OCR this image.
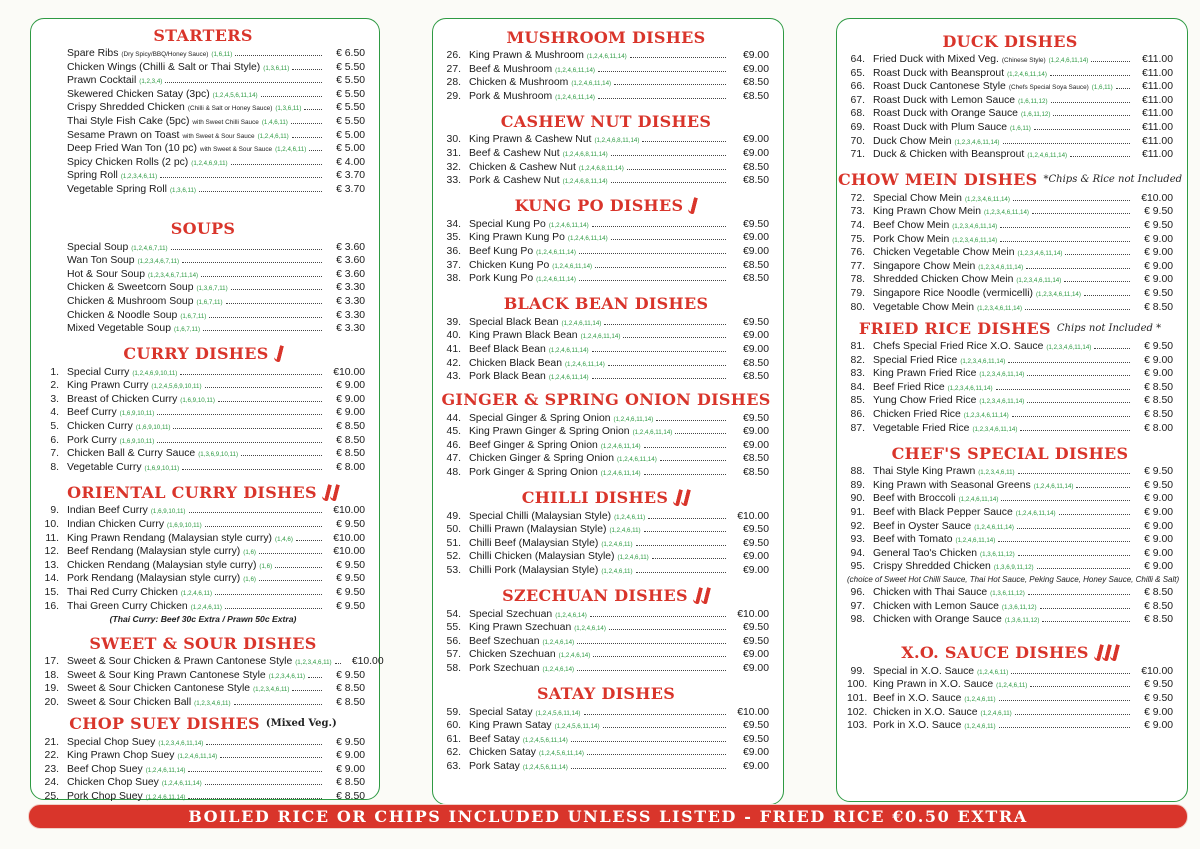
STARTERS
Spare Ribs (Dry Spicy/BBQ/Honey Sauce) (1,6,11)	€ 6.50
Chicken Wings (Chilli & Salt or Thai Style) (1,3,6,11)	€ 5.50
Prawn Cocktail (1,2,3,4)	€ 5.50
Skewered Chicken Satay (3pc) (1,2,4,5,6,11,14)	€ 5.50
Crispy Shredded Chicken (Chilli & Salt or Honey Sauce) (1,3,6,11)	€ 5.50
Thai Style Fish Cake (5pc) with Sweet Chilli Sauce (1,4,6,11)	€ 5.50
Sesame Prawn on Toast with Sweet & Sour Sauce (1,2,4,6,11)	€ 5.00
Deep Fried Wan Ton (10 pc) with Sweet & Sour Sauce (1,2,4,6,11)	€ 5.00
Spicy Chicken Rolls (2 pc) (1,2,4,6,9,11)	€ 4.00
Spring Roll (1,2,3,4,6,11)	€ 3.70
Vegetable Spring Roll (1,3,6,11)	€ 3.70
SOUPS
Special Soup (1,2,4,6,7,11)	€ 3.60
Wan Ton Soup (1,2,3,4,6,7,11)	€ 3.60
Hot & Sour Soup (1,2,3,4,6,7,11,14)	€ 3.60
Chicken & Sweetcorn Soup (1,3,6,7,11)	€ 3.30
Chicken & Mushroom Soup (1,6,7,11)	€ 3.30
Chicken & Noodle Soup (1,6,7,11)	€ 3.30
Mixed Vegetable Soup (1,6,7,11)	€ 3.30
CURRY DISHES
1. Special Curry (1,2,4,6,9,10,11)	€10.00
2. King Prawn Curry (1,2,4,5,6,9,10,11)	€ 9.00
3. Breast of Chicken Curry (1,6,9,10,11)	€ 9.00
4. Beef Curry (1,6,9,10,11)	€ 9.00
5. Chicken Curry (1,6,9,10,11)	€ 8.50
6. Pork Curry (1,6,9,10,11)	€ 8.50
7. Chicken Ball & Curry Sauce (1,3,6,9,10,11)	€ 8.50
8. Vegetable Curry (1,6,9,10,11)	€ 8.00
ORIENTAL CURRY DISHES
9. Indian Beef Curry (1,6,9,10,11)	€10.00
10. Indian Chicken Curry (1,6,9,10,11)	€ 9.50
11. King Prawn Rendang (Malaysian style curry) (1,4,6)	€10.00
12. Beef Rendang (Malaysian style curry) (1,6)	€10.00
13. Chicken Rendang (Malaysian style curry) (1,6)	€ 9.50
14. Pork Rendang (Malaysian style curry) (1,6)	€ 9.50
15. Thai Red Curry Chicken (1,2,4,6,11)	€ 9.50
16. Thai Green Curry Chicken (1,2,4,6,11)	€ 9.50
(Thai Curry: Beef 30c Extra / Prawn 50c Extra)
SWEET & SOUR DISHES
17. Sweet & Sour Chicken & Prawn Cantonese Style (1,2,3,4,6,11)	€10.00
18. Sweet & Sour King Prawn Cantonese Style (1,2,3,4,6,11)	€ 9.50
19. Sweet & Sour Chicken Cantonese Style (1,2,3,4,6,11)	€ 8.50
20. Sweet & Sour Chicken Ball (1,2,3,4,6,11)	€ 8.50
CHOP SUEY DISHES (Mixed Veg.)
21. Special Chop Suey (1,2,3,4,6,11,14)	€ 9.50
22. King Prawn Chop Suey (1,2,4,6,11,14)	€ 9.00
23. Beef Chop Suey (1,2,4,6,11,14)	€ 9.00
24. Chicken Chop Suey (1,2,4,6,11,14)	€ 8.50
25. Pork Chop Suey (1,2,4,6,11,14)	€ 8.50
MUSHROOM DISHES
26. King Prawn & Mushroom (1,2,4,6,11,14)	€9.00
27. Beef & Mushroom (1,2,4,6,11,14)	€9.00
28. Chicken & Mushroom (1,2,4,6,11,14)	€8.50
29. Pork & Mushroom (1,2,4,6,11,14)	€8.50
CASHEW NUT DISHES
30. King Prawn & Cashew Nut (1,2,4,6,8,11,14)	€9.00
31. Beef & Cashew Nut (1,2,4,6,8,11,14)	€9.00
32. Chicken & Cashew Nut (1,2,4,6,8,11,14)	€8.50
33. Pork & Cashew Nut (1,2,4,6,8,11,14)	€8.50
KUNG PO DISHES
34. Special Kung Po (1,2,4,6,11,14)	€9.50
35. King Prawn Kung Po (1,2,4,6,11,14)	€9.00
36. Beef Kung Po (1,2,4,6,11,14)	€9.00
37. Chicken Kung Po (1,2,4,6,11,14)	€8.50
38. Pork Kung Po (1,2,4,6,11,14)	€8.50
BLACK BEAN DISHES
39. Special Black Bean (1,2,4,6,11,14)	€9.50
40. King Prawn Black Bean (1,2,4,6,11,14)	€9.00
41. Beef Black Bean (1,2,4,6,11,14)	€9.00
42. Chicken Black Bean (1,2,4,6,11,14)	€8.50
43. Pork Black Bean (1,2,4,6,11,14)	€8.50
GINGER & SPRING ONION DISHES
44. Special Ginger & Spring Onion (1,2,4,6,11,14)	€9.50
45. King Prawn Ginger & Spring Onion (1,2,4,6,11,14)	€9.00
46. Beef Ginger & Spring Onion (1,2,4,6,11,14)	€9.00
47. Chicken Ginger & Spring Onion (1,2,4,6,11,14)	€8.50
48. Pork Ginger & Spring Onion (1,2,4,6,11,14)	€8.50
CHILLI DISHES
49. Special Chilli (Malaysian Style) (1,2,4,6,11)	€10.00
50. Chilli Prawn (Malaysian Style) (1,2,4,6,11)	€9.50
51. Chilli Beef (Malaysian Style) (1,2,4,6,11)	€9.50
52. Chilli Chicken (Malaysian Style) (1,2,4,6,11)	€9.00
53. Chilli Pork (Malaysian Style) (1,2,4,6,11)	€9.00
SZECHUAN DISHES
54. Special Szechuan (1,2,4,6,14)	€10.00
55. King Prawn Szechuan (1,2,4,6,14)	€9.50
56. Beef Szechuan (1,2,4,6,14)	€9.50
57. Chicken Szechuan (1,2,4,6,14)	€9.00
58. Pork Szechuan (1,2,4,6,14)	€9.00
SATAY DISHES
59. Special Satay (1,2,4,5,6,11,14)	€10.00
60. King Prawn Satay (1,2,4,5,6,11,14)	€9.50
61. Beef Satay (1,2,4,5,6,11,14)	€9.50
62. Chicken Satay (1,2,4,5,6,11,14)	€9.00
63. Pork Satay (1,2,4,5,6,11,14)	€9.00
DUCK DISHES
64. Fried Duck with Mixed Veg. (Chinese Style) (1,2,4,6,11,14)	€11.00
65. Roast Duck with Beansprout (1,2,4,6,11,14)	€11.00
66. Roast Duck Cantonese Style (Chefs Special Soya Sauce) (1,6,11)	€11.00
67. Roast Duck with Lemon Sauce (1,6,11,12)	€11.00
68. Roast Duck with Orange Sauce (1,6,11,12)	€11.00
69. Roast Duck with Plum Sauce (1,6,11)	€11.00
70. Duck Chow Mein (1,2,3,4,6,11,14)	€11.00
71. Duck & Chicken with Beansprout (1,2,4,6,11,14)	€11.00
CHOW MEIN DISHES *Chips & Rice not Included
72. Special Chow Mein (1,2,3,4,6,11,14)	€10.00
73. King Prawn Chow Mein (1,2,3,4,6,11,14)	€ 9.50
74. Beef Chow Mein (1,2,3,4,6,11,14)	€ 9.50
75. Pork Chow Mein (1,2,3,4,6,11,14)	€ 9.00
76. Chicken Vegetable Chow Mein (1,2,3,4,6,11,14)	€ 9.00
77. Singapore Chow Mein (1,2,3,4,6,11,14)	€ 9.00
78. Shredded Chicken Chow Mein (1,2,3,4,6,11,14)	€ 9.00
79. Singapore Rice Noodle (vermicelli) (1,2,3,4,6,11,14)	€ 9.50
80. Vegetable Chow Mein (1,2,3,4,6,11,14)	€ 8.50
FRIED RICE DISHES Chips not Included *
81. Chefs Special Fried Rice X.O. Sauce (1,2,3,4,6,11,14)	€ 9.50
82. Special Fried Rice (1,2,3,4,6,11,14)	€ 9.00
83. King Prawn Fried Rice (1,2,3,4,6,11,14)	€ 9.00
84. Beef Fried Rice (1,2,3,4,6,11,14)	€ 8.50
85. Yung Chow Fried Rice (1,2,3,4,6,11,14)	€ 8.50
86. Chicken Fried Rice (1,2,3,4,6,11,14)	€ 8.50
87. Vegetable Fried Rice (1,2,3,4,6,11,14)	€ 8.00
CHEF'S SPECIAL DISHES
88. Thai Style King Prawn (1,2,3,4,6,11)	€ 9.50
89. King Prawn with Seasonal Greens (1,2,4,6,11,14)	€ 9.50
90. Beef with Broccoli (1,2,4,6,11,14)	€ 9.00
91. Beef with Black Pepper Sauce (1,2,4,6,11,14)	€ 9.00
92. Beef in Oyster Sauce (1,2,4,6,11,14)	€ 9.00
93. Beef with Tomato (1,2,4,6,11,14)	€ 9.00
94. General Tao's Chicken (1,3,6,11,12)	€ 9.00
95. Crispy Shredded Chicken (1,3,6,9,11,12)	€ 9.00
(choice of Sweet Hot Chilli Sauce, Thai Hot Sauce, Peking Sauce, Honey Sauce, Chilli & Salt)
96. Chicken with Thai Sauce (1,3,6,11,12)	€ 8.50
97. Chicken with Lemon Sauce (1,3,6,11,12)	€ 8.50
98. Chicken with Orange Sauce (1,3,6,11,12)	€ 8.50
X.O. SAUCE DISHES
99. Special in X.O. Sauce (1,2,4,6,11)	€10.00
100. King Prawn in X.O. Sauce (1,2,4,6,11)	€ 9.50
101. Beef in X.O. Sauce (1,2,4,6,11)	€ 9.50
102. Chicken in X.O. Sauce (1,2,4,6,11)	€ 9.00
103. Pork in X.O. Sauce (1,2,4,6,11)	€ 9.00
BOILED RICE OR CHIPS INCLUDED UNLESS LISTED - FRIED RICE €0.50 EXTRA
